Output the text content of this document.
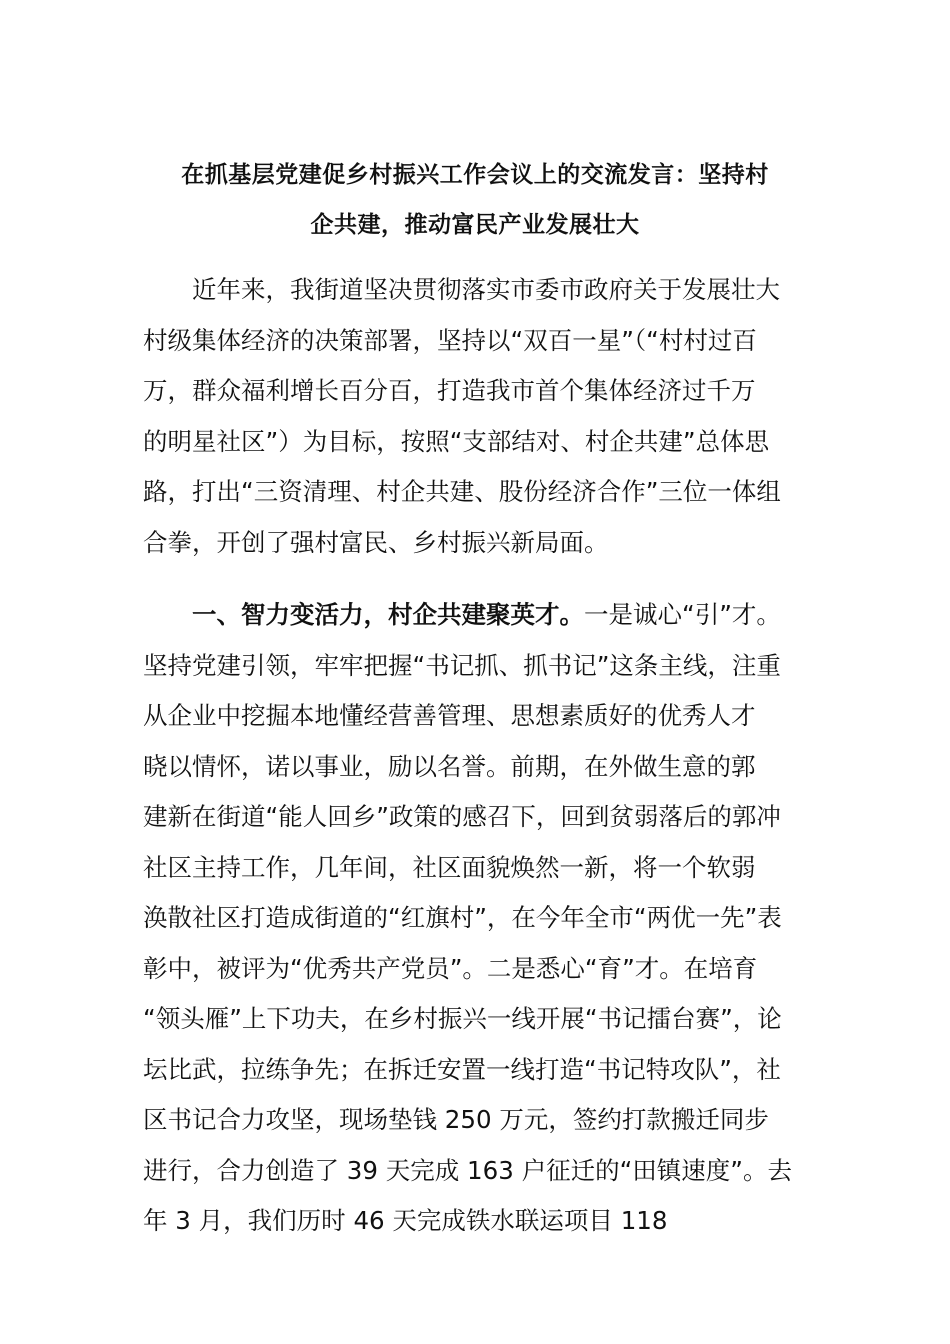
在抓基层党建促乡村振兴工作会议上的交流发言：坚持村
企共建，推动富民产业发展壮大
　　近年来，我街道坚决贯彻落实市委市政府关于发展壮大
村级集体经济的决策部署，坚持以“双百一星”（“村村过百
万，群众福利增长百分百，打造我市首个集体经济过千万
的明星社区”）为目标，按照“支部结对、村企共建”总体思
路，打出“三资清理、村企共建、股份经济合作”三位一体组
合拳，开创了强村富民、乡村振兴新局面。
　　一、智力变活力，村企共建聚英才。一是诚心“引”才。
坚持党建引领，牢牢把握“书记抓、抓书记”这条主线，注重
从企业中挖掘本地懂经营善管理、思想素质好的优秀人才
晓以情怀，诺以事业，励以名誉。前期，在外做生意的郭
建新在街道“能人回乡”政策的感召下，回到贫弱落后的郭冲
社区主持工作，几年间，社区面貌焕然一新，将一个软弱
涣散社区打造成街道的“红旗村”，在今年全市“两优一先”表
彰中，被评为“优秀共产党员”。二是悉心“育”才。在培育
“领头雁”上下功夫，在乡村振兴一线开展“书记擂台赛”，论
坛比武，拉练争先；在拆迁安置一线打造“书记特攻队”，社
区书记合力攻坚，现场垫钱 250 万元，签约打款搬迁同步
进行，合力创造了 39 天完成 163 户征迁的“田镇速度”。去
年 3 月，我们历时 46 天完成铁水联运项目 118
